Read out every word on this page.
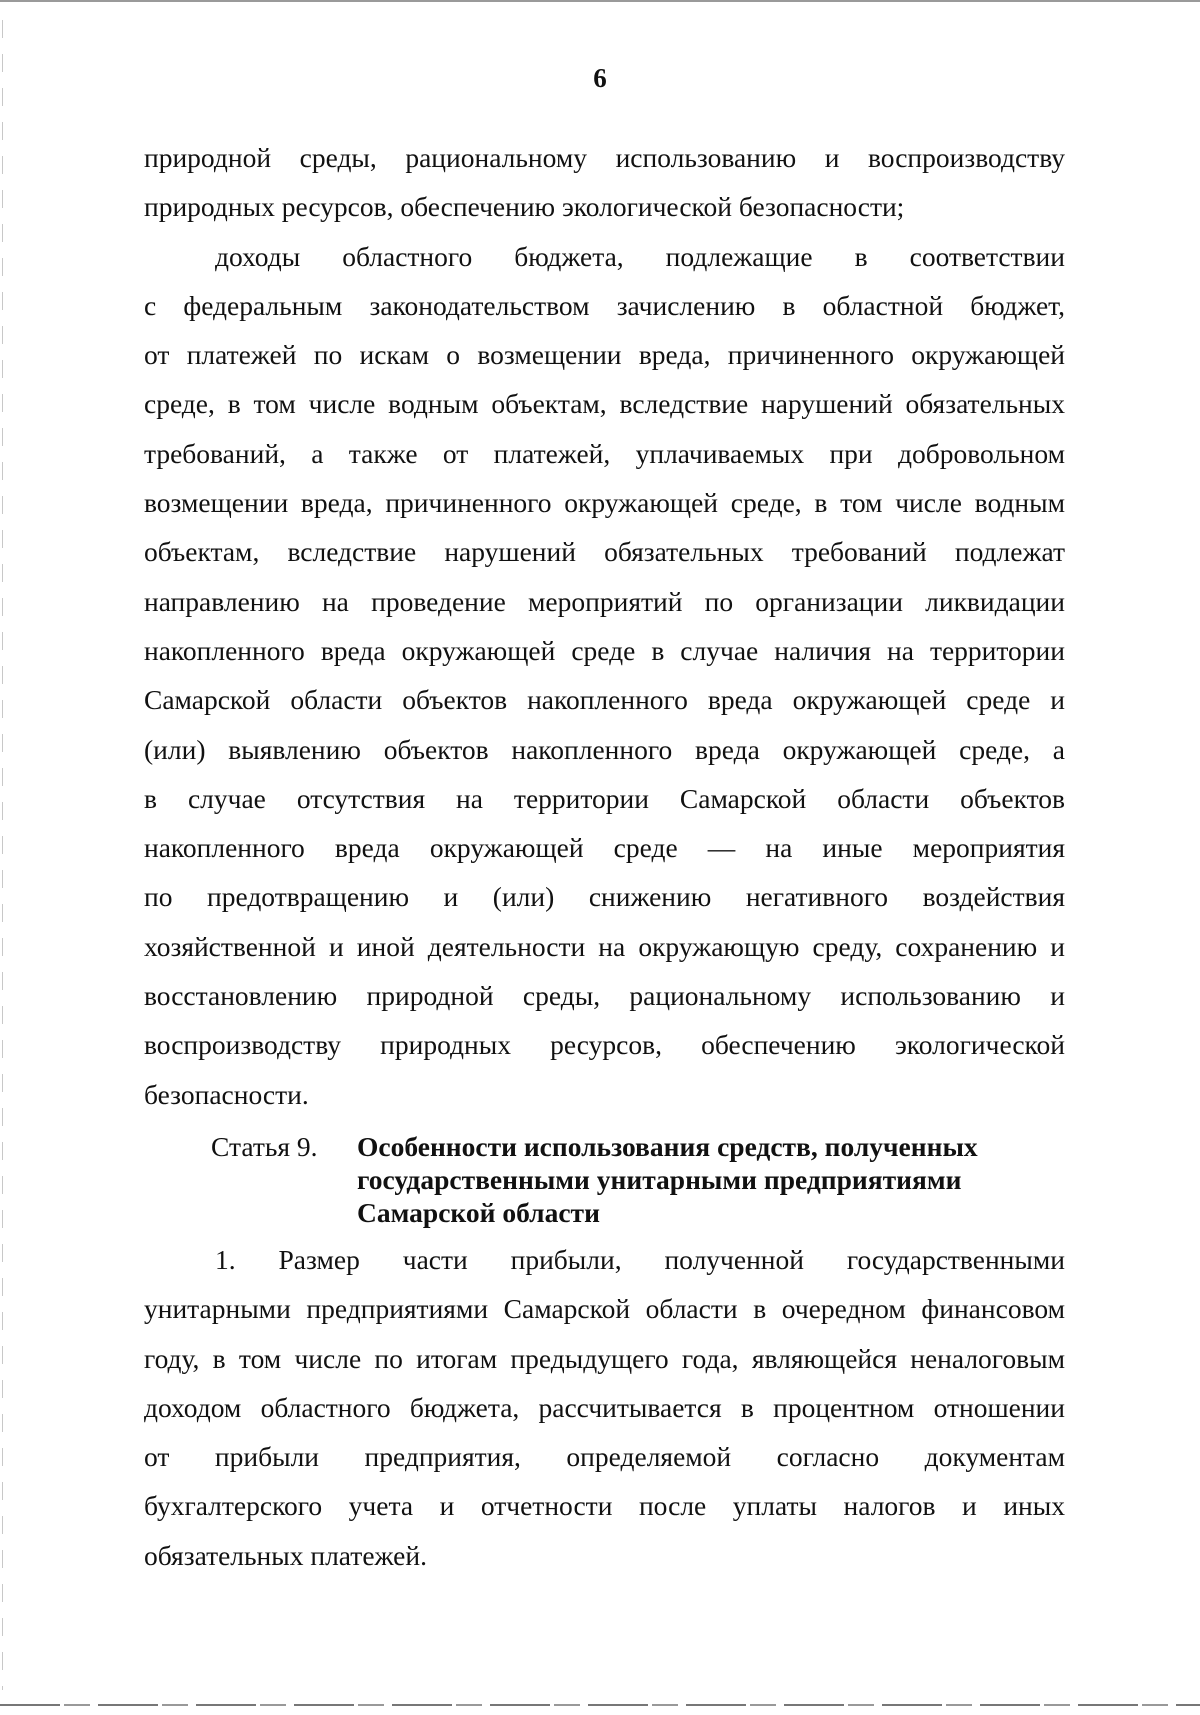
6

природной среды, рациональному использованию и воспроизводству

природных ресурсов, обеспечению экологической безопасности;

доходы областного бюджета, подлежащие в соответствии

с федеральным законодательством зачислению в областной бюджет,

от платежей по искам о возмещении вреда, причиненного окружающей

среде, в том числе водным объектам, вследствие нарушений обязательных

требований, а также от платежей, уплачиваемых при добровольном

возмещении вреда, причиненного окружающей среде, в том числе водным

объектам, вследствие нарушений обязательных требований подлежат

направлению на проведение мероприятий по организации ликвидации

накопленного вреда окружающей среде в случае наличия на территории

Самарской области объектов накопленного вреда окружающей среде и

(или) выявлению объектов накопленного вреда окружающей среде, а

в случае отсутствия на территории Самарской области объектов

накопленного вреда окружающей среде — на иные мероприятия

по предотвращению и (или) снижению негативного воздействия

хозяйственной и иной деятельности на окружающую среду, сохранению и

восстановлению природной среды, рациональному использованию и

воспроизводству природных ресурсов, обеспечению экологической

безопасности.

Статья 9.	Особенности использования средств, полученных
государственными унитарными предприятиями
Самарской области

1. Размер части прибыли, полученной государственными

унитарными предприятиями Самарской области в очередном финансовом

году, в том числе по итогам предыдущего года, являющейся неналоговым

доходом областного бюджета, рассчитывается в процентном отношении

от прибыли предприятия, определяемой согласно документам

бухгалтерского учета и отчетности после уплаты налогов и иных

обязательных платежей.
